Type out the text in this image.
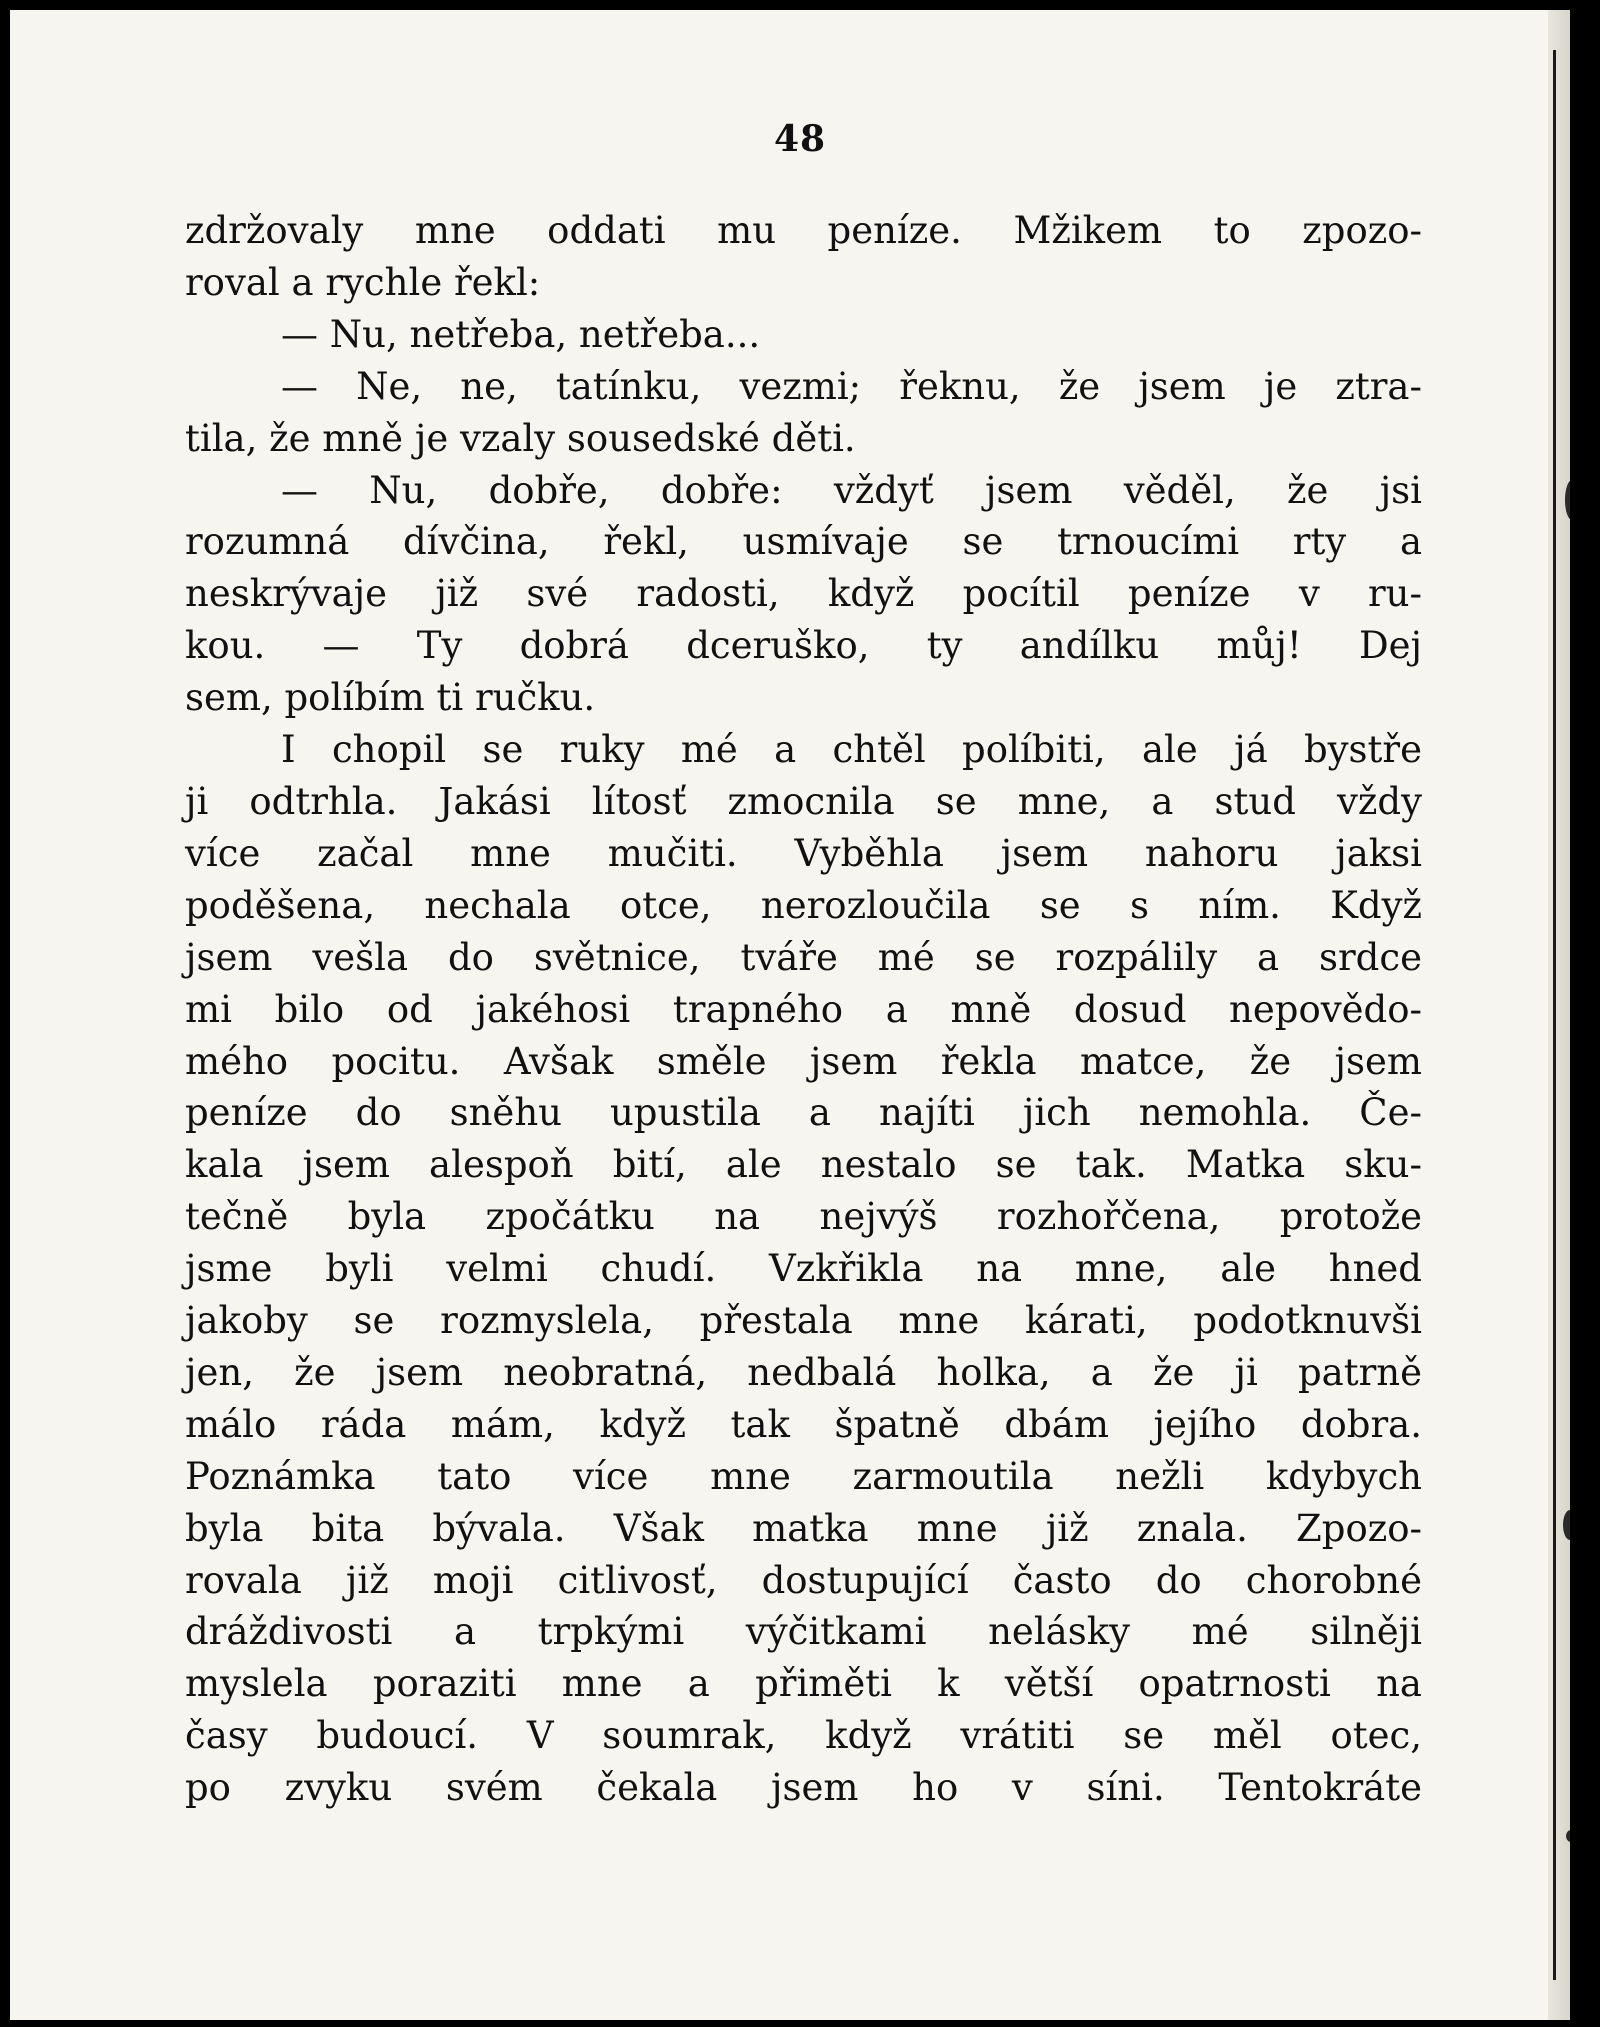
48
zdržovaly mne oddati mu peníze. Mžikem to zpozo-
roval a rychle řekl:
— Nu, netřeba, netřeba...
— Ne, ne, tatínku, vezmi; řeknu, že jsem je ztra-
tila, že mně je vzaly sousedské děti.
— Nu, dobře, dobře: vždyť jsem věděl, že jsi
rozumná dívčina, řekl, usmívaje se trnoucími rty a
neskrývaje již své radosti, když pocítil peníze v ru-
kou. — Ty dobrá dceruško, ty andílku můj! Dej
sem, políbím ti ručku.
I chopil se ruky mé a chtěl políbiti, ale já bystře
ji odtrhla. Jakási lítosť zmocnila se mne, a stud vždy
více začal mne mučiti. Vyběhla jsem nahoru jaksi
poděšena, nechala otce, nerozloučila se s ním. Když
jsem vešla do světnice, tváře mé se rozpálily a srdce
mi bilo od jakéhosi trapného a mně dosud nepovědo-
mého pocitu. Avšak směle jsem řekla matce, že jsem
peníze do sněhu upustila a najíti jich nemohla. Če-
kala jsem alespoň bití, ale nestalo se tak. Matka sku-
tečně byla zpočátku na nejvýš rozhořčena, protože
jsme byli velmi chudí. Vzkřikla na mne, ale hned
jakoby se rozmyslela, přestala mne kárati, podotknuvši
jen, že jsem neobratná, nedbalá holka, a že ji patrně
málo ráda mám, když tak špatně dbám jejího dobra.
Poznámka tato více mne zarmoutila nežli kdybych
byla bita bývala. Však matka mne již znala. Zpozo-
rovala již moji citlivosť, dostupující často do chorobné
dráždivosti a trpkými výčitkami nelásky mé silněji
myslela poraziti mne a přiměti k větší opatrnosti na
časy budoucí. V soumrak, když vrátiti se měl otec,
po zvyku svém čekala jsem ho v síni. Tentokráte
